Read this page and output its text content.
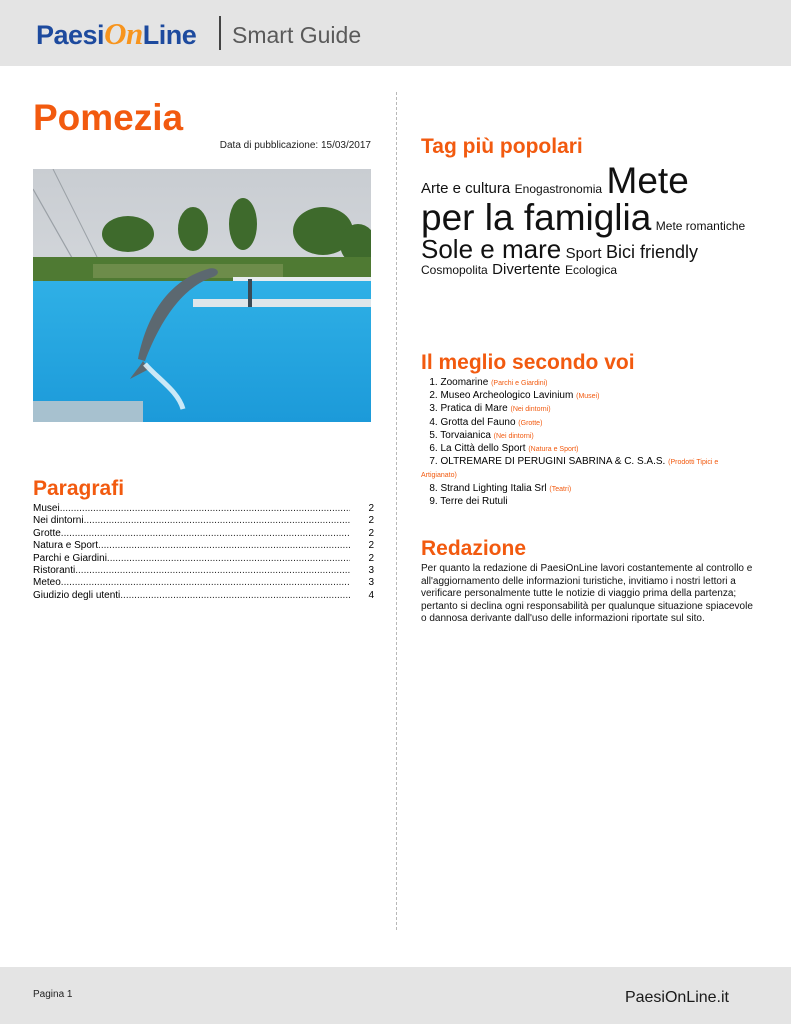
PaesiOnLine Smart Guide
Pomezia
Data di pubblicazione: 15/03/2017
Paragrafi
Musei .....	2
Nei dintorni .....	2
Grotte .....	2
Natura e Sport .....	2
Parchi e Giardini .....	2
Ristoranti .....	3
Meteo .....	3
Giudizio degli utenti .....	4
Tag più popolari
Arte e cultura Enogastronomia Mete per la famiglia Mete romantiche Sole e mare Sport Bici friendly Cosmopolita Divertente Ecologica
Il meglio secondo voi
1. Zoomarine (Parchi e Giardini)
2. Museo Archeologico Lavinium (Musei)
3. Pratica di Mare (Nei dintorni)
4. Grotta del Fauno (Grotte)
5. Torvaianica (Nei dintorni)
6. La Città dello Sport (Natura e Sport)
7. OLTREMARE DI PERUGINI SABRINA & C. S.A.S. (Prodotti Tipici e Artigianato)
8. Strand Lighting Italia Srl (Teatri)
9. Terre dei Rutuli
Redazione

Per quanto la redazione di PaesiOnLine lavori costantemente al controllo e all'aggiornamento delle informazioni turistiche, invitiamo i nostri lettori a verificare personalmente tutte le notizie di viaggio prima della partenza; pertanto si declina ogni responsabilità per qualunque situazione spiacevole o dannosa derivante dall'uso delle informazioni riportate sul sito.

Pagina 1	PaesiOnLine.it
